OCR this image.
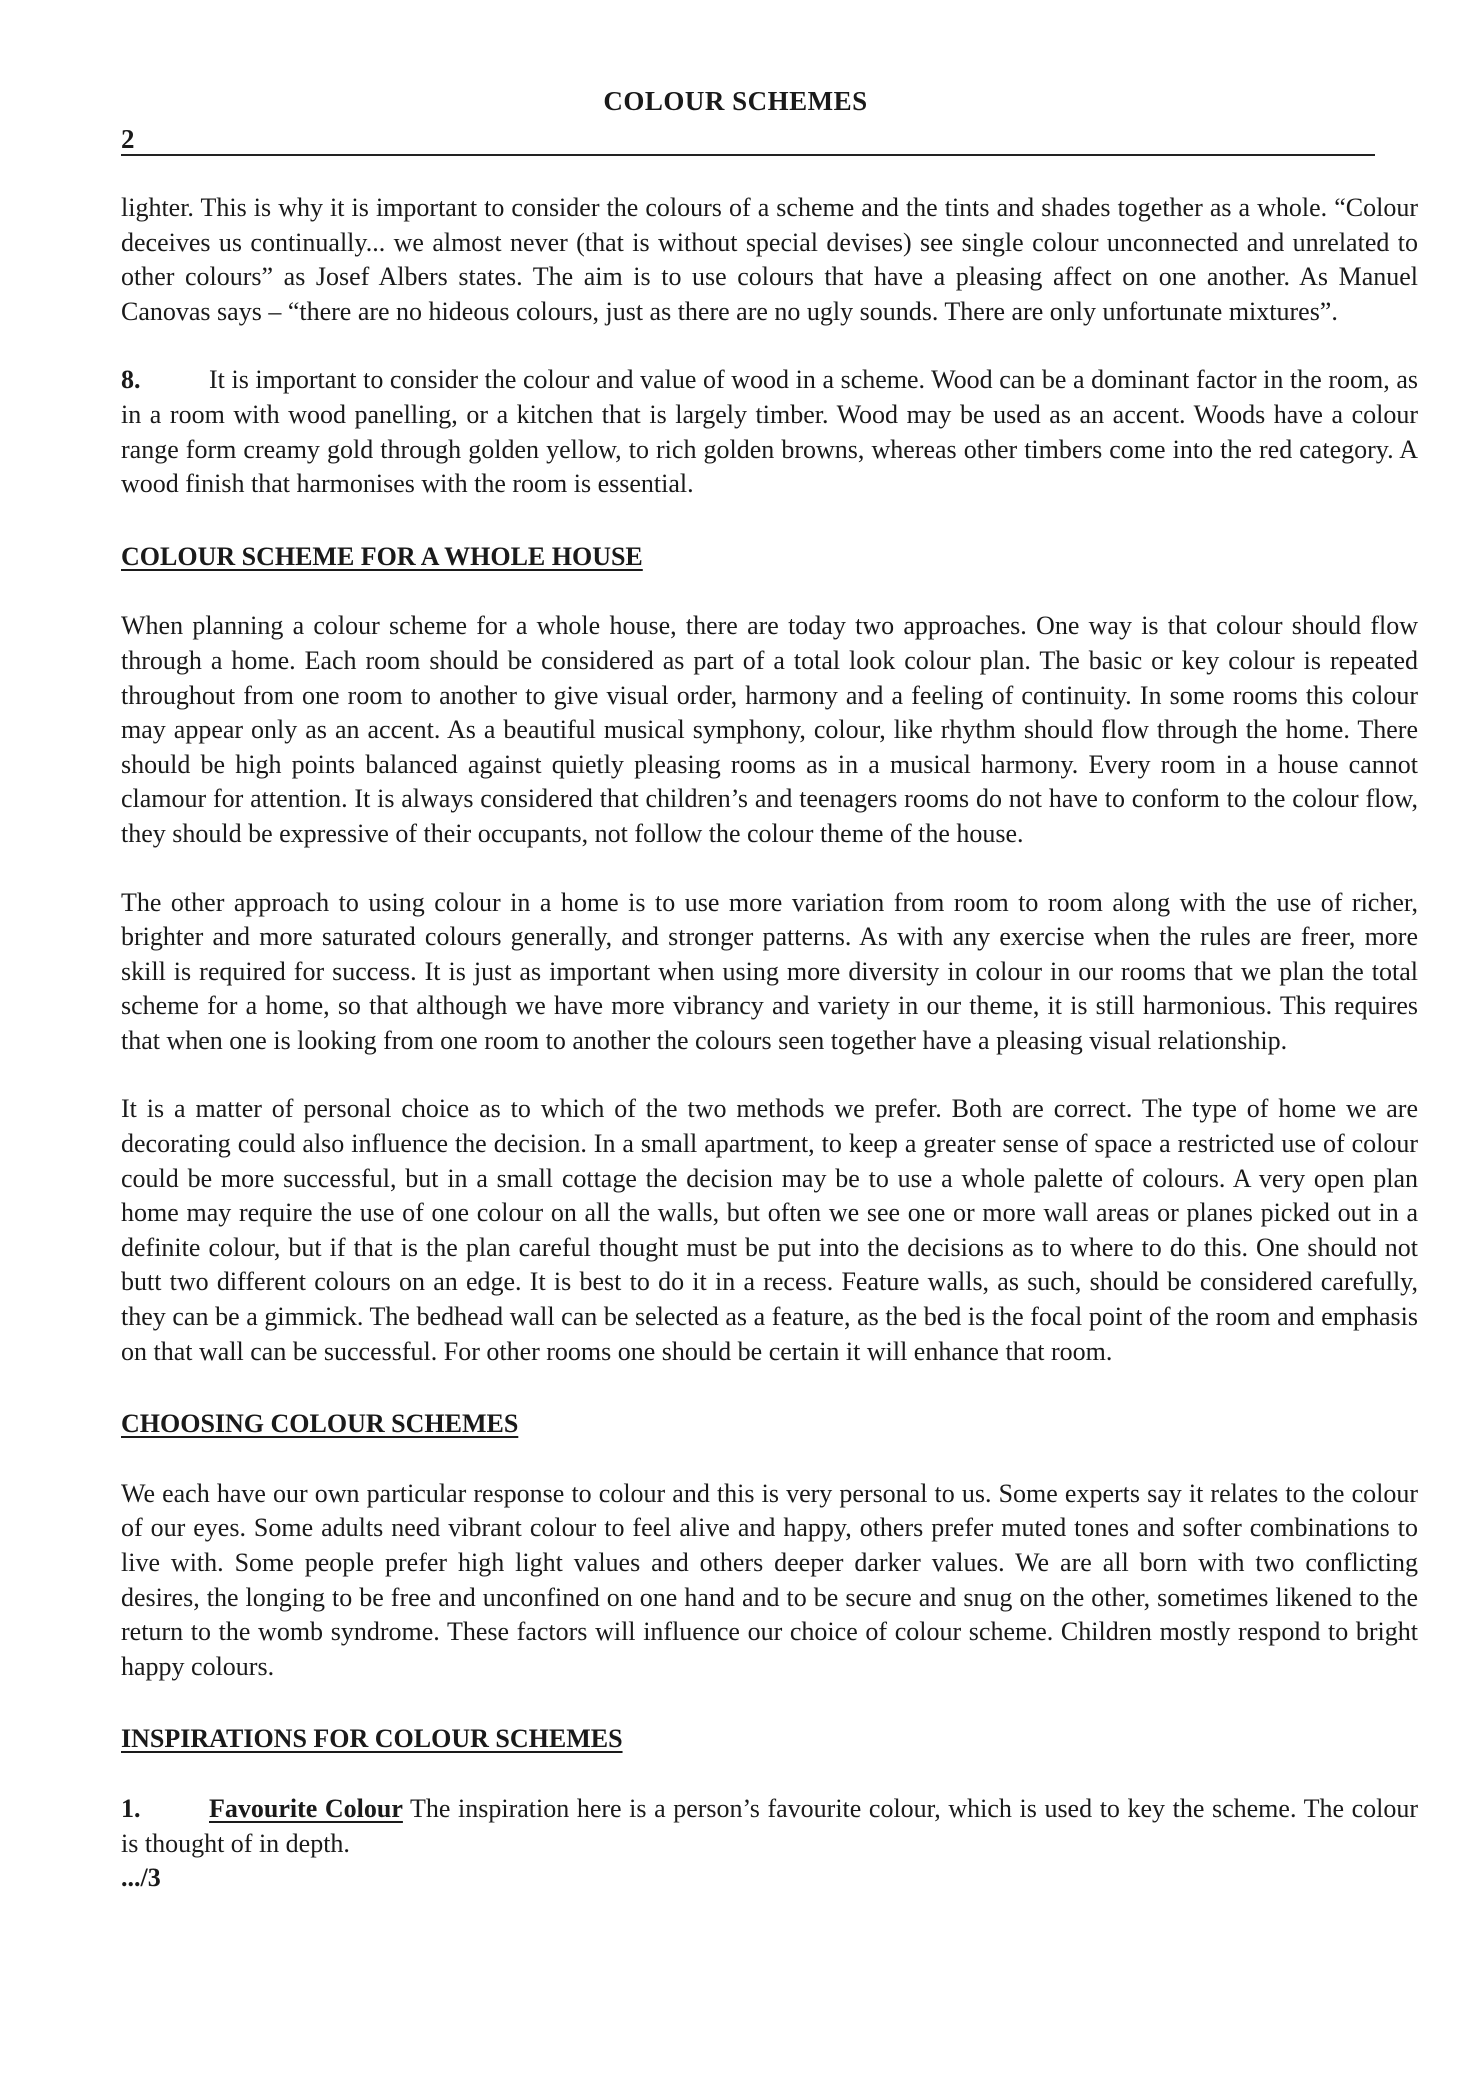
COLOUR SCHEMES
2

lighter. This is why it is important to consider the colours of a scheme and the tints and shades together as a whole. “Colour deceives us continually... we almost never (that is without special devises) see single colour unconnected and unrelated to other colours” as Josef Albers states. The aim is to use colours that have a pleasing affect on one another. As Manuel Canovas says – “there are no hideous colours, just as there are no ugly sounds. There are only unfortunate mixtures”.

8.	It is important to consider the colour and value of wood in a scheme. Wood can be a dominant factor in the room, as in a room with wood panelling, or a kitchen that is largely timber. Wood may be used as an accent. Woods have a colour range form creamy gold through golden yellow, to rich golden browns, whereas other timbers come into the red category. A wood finish that harmonises with the room is essential.

COLOUR SCHEME FOR A WHOLE HOUSE

When planning a colour scheme for a whole house, there are today two approaches. One way is that colour should flow through a home. Each room should be considered as part of a total look colour plan. The basic or key colour is repeated throughout from one room to another to give visual order, harmony and a feeling of continuity. In some rooms this colour may appear only as an accent. As a beautiful musical symphony, colour, like rhythm should flow through the home. There should be high points balanced against quietly pleasing rooms as in a musical harmony. Every room in a house cannot clamour for attention. It is always considered that children’s and teenagers rooms do not have to conform to the colour flow, they should be expressive of their occupants, not follow the colour theme of the house.

The other approach to using colour in a home is to use more variation from room to room along with the use of richer, brighter and more saturated colours generally, and stronger patterns. As with any exercise when the rules are freer, more skill is required for success. It is just as important when using more diversity in colour in our rooms that we plan the total scheme for a home, so that although we have more vibrancy and variety in our theme, it is still harmonious. This requires that when one is looking from one room to another the colours seen together have a pleasing visual relationship.

It is a matter of personal choice as to which of the two methods we prefer. Both are correct. The type of home we are decorating could also influence the decision. In a small apartment, to keep a greater sense of space a restricted use of colour could be more successful, but in a small cottage the decision may be to use a whole palette of colours. A very open plan home may require the use of one colour on all the walls, but often we see one or more wall areas or planes picked out in a definite colour, but if that is the plan careful thought must be put into the decisions as to where to do this. One should not butt two different colours on an edge. It is best to do it in a recess. Feature walls, as such, should be considered carefully, they can be a gimmick. The bedhead wall can be selected as a feature, as the bed is the focal point of the room and emphasis on that wall can be successful. For other rooms one should be certain it will enhance that room.

CHOOSING COLOUR SCHEMES

We each have our own particular response to colour and this is very personal to us. Some experts say it relates to the colour of our eyes. Some adults need vibrant colour to feel alive and happy, others prefer muted tones and softer combinations to live with. Some people prefer high light values and others deeper darker values. We are all born with two conflicting desires, the longing to be free and unconfined on one hand and to be secure and snug on the other, sometimes likened to the return to the womb syndrome. These factors will influence our choice of colour scheme. Children mostly respond to bright happy colours.

INSPIRATIONS FOR COLOUR SCHEMES

1.	Favourite Colour The inspiration here is a person’s favourite colour, which is used to key the scheme. The colour is thought of in depth.

.../3
